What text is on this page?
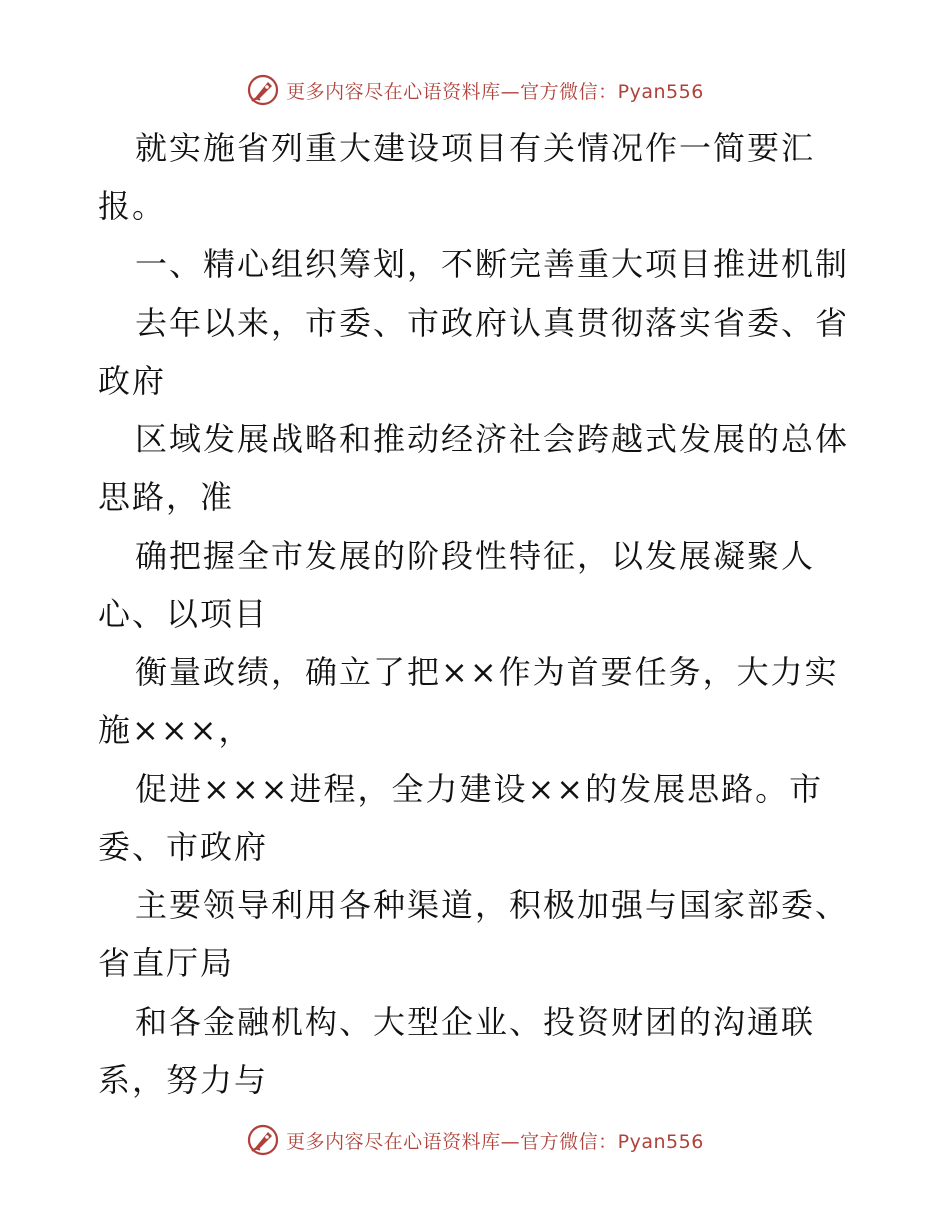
更多内容尽在心语资料库—官方微信：Pyan556
就实施省列重大建设项目有关情况作一简要汇
报。
一、精心组织筹划，不断完善重大项目推进机制
去年以来，市委、市政府认真贯彻落实省委、省
政府
区域发展战略和推动经济社会跨越式发展的总体
思路，准
确把握全市发展的阶段性特征，以发展凝聚人
心、以项目
衡量政绩，确立了把××作为首要任务，大力实
施×××，
促进×××进程，全力建设××的发展思路。市
委、市政府
主要领导利用各种渠道，积极加强与国家部委、
省直厅局
和各金融机构、大型企业、投资财团的沟通联
系，努力与
更多内容尽在心语资料库—官方微信：Pyan556
